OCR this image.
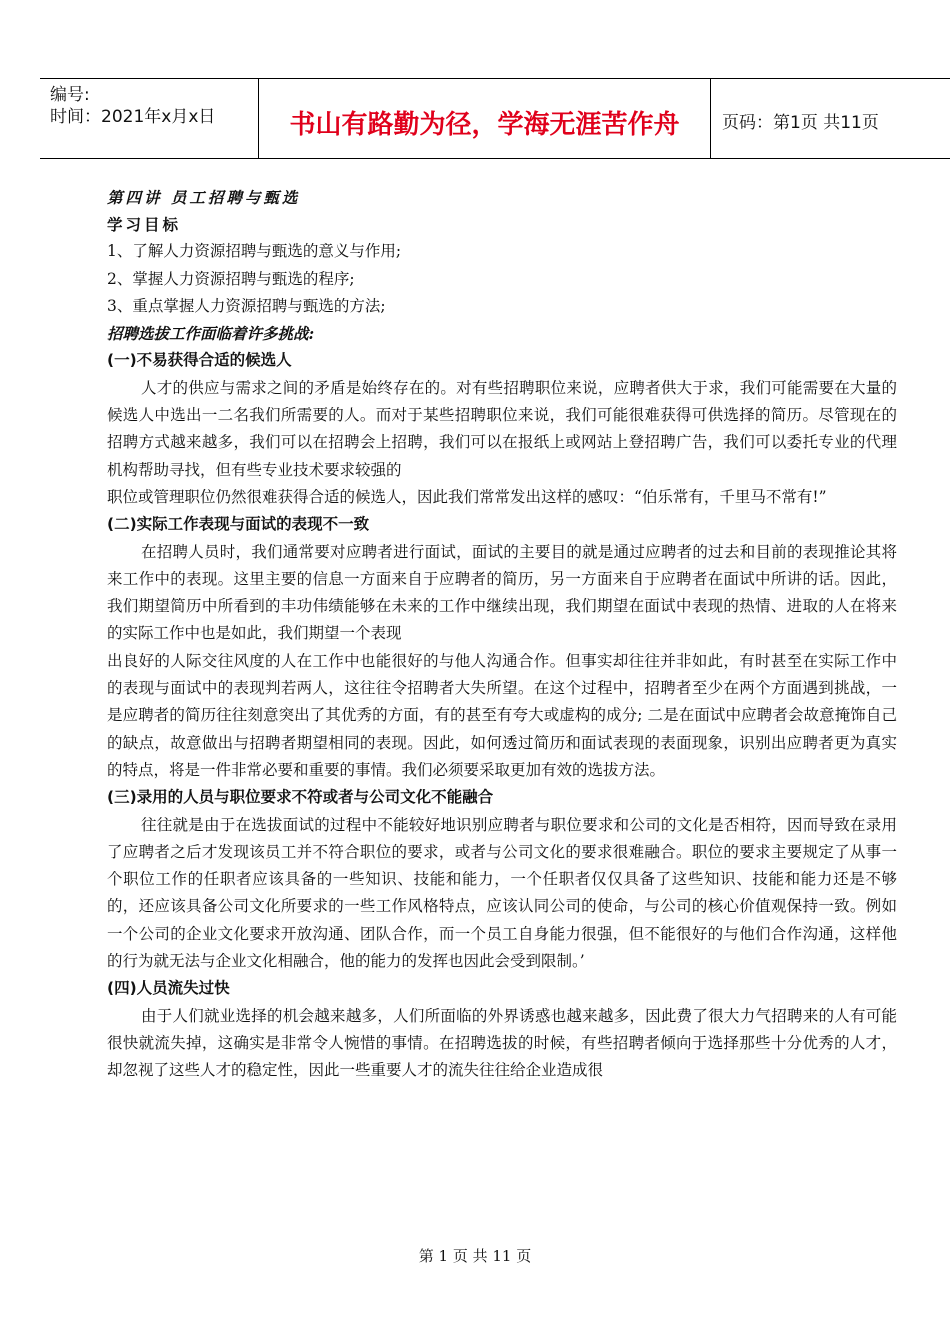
编号:
时间：2021年x月x日	书山有路勤为径，学海无涯苦作舟	页码：第1页 共11页

第四讲 员工招聘与甄选

学习目标

1、了解人力资源招聘与甄选的意义与作用;

2、掌握人力资源招聘与甄选的程序;

3、重点掌握人力资源招聘与甄选的方法;

招聘选拔工作面临着许多挑战:

(一)不易获得合适的候选人

人才的供应与需求之间的矛盾是始终存在的。对有些招聘职位来说，应聘者供大于求，我们可能需要在大量的候选人中选出一二名我们所需要的人。而对于某些招聘职位来说，我们可能很难获得可供选择的简历。尽管现在的招聘方式越来越多，我们可以在招聘会上招聘，我们可以在报纸上或网站上登招聘广告，我们可以委托专业的代理机构帮助寻找，但有些专业技术要求较强的

职位或管理职位仍然很难获得合适的候选人，因此我们常常发出这样的感叹：“伯乐常有，千里马不常有!”

(二)实际工作表现与面试的表现不一致

在招聘人员时，我们通常要对应聘者进行面试，面试的主要目的就是通过应聘者的过去和目前的表现推论其将来工作中的表现。这里主要的信息一方面来自于应聘者的简历，另一方面来自于应聘者在面试中所讲的话。因此，我们期望简历中所看到的丰功伟绩能够在未来的工作中继续出现，我们期望在面试中表现的热情、进取的人在将来的实际工作中也是如此，我们期望一个表现

出良好的人际交往风度的人在工作中也能很好的与他人沟通合作。但事实却往往并非如此，有时甚至在实际工作中的表现与面试中的表现判若两人，这往往令招聘者大失所望。在这个过程中，招聘者至少在两个方面遇到挑战，一是应聘者的简历往往刻意突出了其优秀的方面，有的甚至有夸大或虚构的成分; 二是在面试中应聘者会故意掩饰自己的缺点，故意做出与招聘者期望相同的表现。因此，如何透过简历和面试表现的表面现象，识别出应聘者更为真实的特点，将是一件非常必要和重要的事情。我们必须要采取更加有效的选拔方法。

(三)录用的人员与职位要求不符或者与公司文化不能融合

往往就是由于在选拔面试的过程中不能较好地识别应聘者与职位要求和公司的文化是否相符，因而导致在录用了应聘者之后才发现该员工并不符合职位的要求，或者与公司文化的要求很难融合。职位的要求主要规定了从事一个职位工作的任职者应该具备的一些知识、技能和能力，一个任职者仅仅具备了这些知识、技能和能力还是不够的，还应该具备公司文化所要求的一些工作风格特点，应该认同公司的使命，与公司的核心价值观保持一致。例如一个公司的企业文化要求开放沟通、团队合作，而一个员工自身能力很强，但不能很好的与他们合作沟通，这样他的行为就无法与企业文化相融合，他的能力的发挥也因此会受到限制。’

(四)人员流失过快

由于人们就业选择的机会越来越多，人们所面临的外界诱惑也越来越多，因此费了很大力气招聘来的人有可能很快就流失掉，这确实是非常令人惋惜的事情。在招聘选拔的时候，有些招聘者倾向于选择那些十分优秀的人才，却忽视了这些人才的稳定性，因此一些重要人才的流失往往给企业造成很

第 1 页 共 11 页
